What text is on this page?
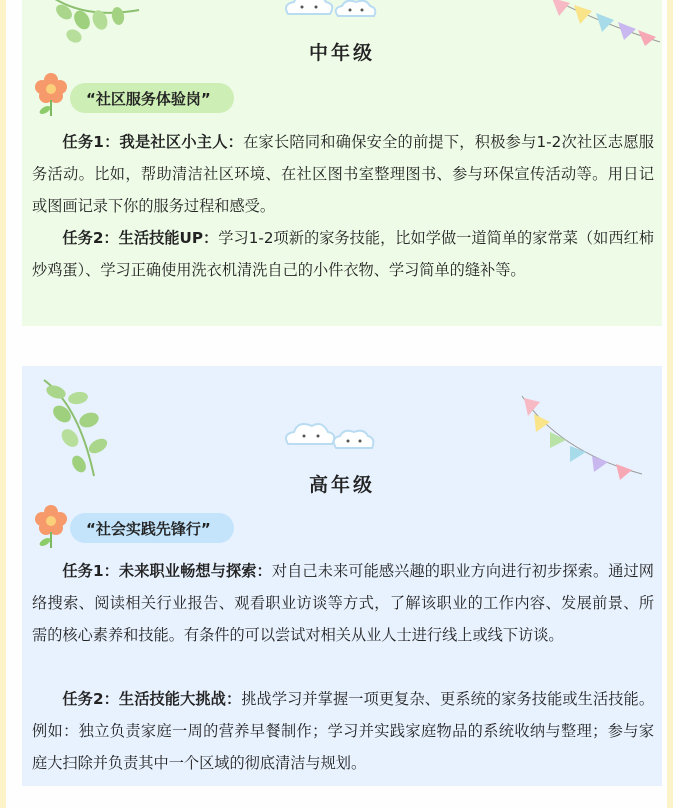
中年级
“社区服务体验岗”
任务1：我是社区小主人：在家长陪同和确保安全的前提下，积极参与1-2次社区志愿服务活动。比如，帮助清洁社区环境、在社区图书室整理图书、参与环保宣传活动等。用日记或图画记录下你的服务过程和感受。
任务2：生活技能UP：学习1-2项新的家务技能，比如学做一道简单的家常菜（如西红柿炒鸡蛋）、学习正确使用洗衣机清洗自己的小件衣物、学习简单的缝补等。
高年级
“社会实践先锋行”
任务1：未来职业畅想与探索：对自己未来可能感兴趣的职业方向进行初步探索。通过网络搜索、阅读相关行业报告、观看职业访谈等方式，了解该职业的工作内容、发展前景、所需的核心素养和技能。有条件的可以尝试对相关从业人士进行线上或线下访谈。
任务2：生活技能大挑战：挑战学习并掌握一项更复杂、更系统的家务技能或生活技能。例如：独立负责家庭一周的营养早餐制作；学习并实践家庭物品的系统收纳与整理；参与家庭大扫除并负责其中一个区域的彻底清洁与规划。
